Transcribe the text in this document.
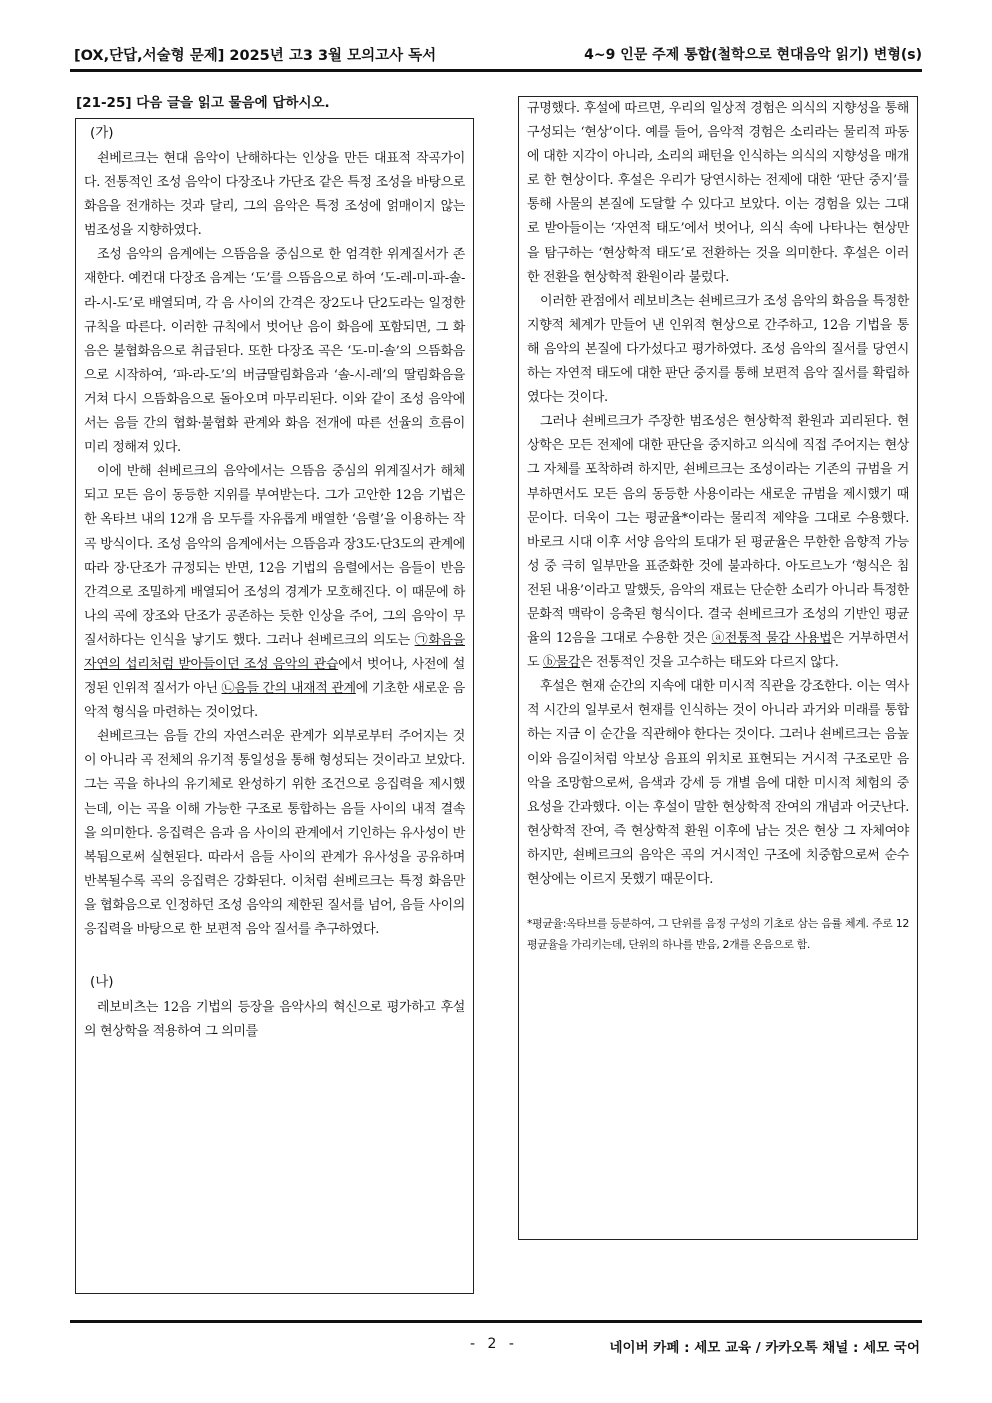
[OX,단답,서술형 문제] 2025년 고3 3월 모의고사 독서	4~9 인문 주제 통합(철학으로 현대음악 읽기) 변형(s)
[21-25] 다음 글을 읽고 물음에 답하시오.
(가)

쇤베르크는 현대 음악이 난해하다는 인상을 만든 대표적 작곡가이다. 전통적인 조성 음악이 다장조나 가단조 같은 특정 조성을 바탕으로 화음을 전개하는 것과 달리, 그의 음악은 특정 조성에 얽매이지 않는 범조성을 지향하였다.

조성 음악의 음계에는 으뜸음을 중심으로 한 엄격한 위계질서가 존재한다. 예컨대 다장조 음계는 ‘도’를 으뜸음으로 하여 ‘도-레-미-파-솔-라-시-도’로 배열되며, 각 음 사이의 간격은 장2도나 단2도라는 일정한 규칙을 따른다. 이러한 규칙에서 벗어난 음이 화음에 포함되면, 그 화음은 불협화음으로 취급된다. 또한 다장조 곡은 ‘도-미-솔’의 으뜸화음으로 시작하여, ‘파-라-도’의 버금딸림화음과 ‘솔-시-레’의 딸림화음을 거쳐 다시 으뜸화음으로 돌아오며 마무리된다. 이와 같이 조성 음악에서는 음들 간의 협화·불협화 관계와 화음 전개에 따른 선율의 흐름이 미리 정해져 있다.

이에 반해 쇤베르크의 음악에서는 으뜸음 중심의 위계질서가 해체되고 모든 음이 동등한 지위를 부여받는다. 그가 고안한 12음 기법은 한 옥타브 내의 12개 음 모두를 자유롭게 배열한 ‘음렬’을 이용하는 작곡 방식이다. 조성 음악의 음계에서는 으뜸음과 장3도·단3도의 관계에 따라 장·단조가 규정되는 반면, 12음 기법의 음렬에서는 음들이 반음 간격으로 조밀하게 배열되어 조성의 경계가 모호해진다. 이 때문에 하나의 곡에 장조와 단조가 공존하는 듯한 인상을 주어, 그의 음악이 무질서하다는 인식을 낳기도 했다. 그러나 쇤베르크의 의도는 ㉠화음을 자연의 섭리처럼 받아들이던 조성 음악의 관습에서 벗어나, 사전에 설정된 인위적 질서가 아닌 ㉡음들 간의 내재적 관계에 기초한 새로운 음악적 형식을 마련하는 것이었다.

쇤베르크는 음들 간의 자연스러운 관계가 외부로부터 주어지는 것이 아니라 곡 전체의 유기적 통일성을 통해 형성되는 것이라고 보았다. 그는 곡을 하나의 유기체로 완성하기 위한 조건으로 응집력을 제시했는데, 이는 곡을 이해 가능한 구조로 통합하는 음들 사이의 내적 결속을 의미한다. 응집력은 음과 음 사이의 관계에서 기인하는 유사성이 반복됨으로써 실현된다. 따라서 음들 사이의 관계가 유사성을 공유하며 반복될수록 곡의 응집력은 강화된다. 이처럼 쇤베르크는 특정 화음만을 협화음으로 인정하던 조성 음악의 제한된 질서를 넘어, 음들 사이의 응집력을 바탕으로 한 보편적 음악 질서를 추구하였다.

(나)

레보비츠는 12음 기법의 등장을 음악사의 혁신으로 평가하고 후설의 현상학을 적용하여 그 의미를

규명했다. 후설에 따르면, 우리의 일상적 경험은 의식의 지향성을 통해 구성되는 ‘현상’이다. 예를 들어, 음악적 경험은 소리라는 물리적 파동에 대한 지각이 아니라, 소리의 패턴을 인식하는 의식의 지향성을 매개로 한 현상이다. 후설은 우리가 당연시하는 전제에 대한 ‘판단 중지’를 통해 사물의 본질에 도달할 수 있다고 보았다. 이는 경험을 있는 그대로 받아들이는 ‘자연적 태도’에서 벗어나, 의식 속에 나타나는 현상만을 탐구하는 ‘현상학적 태도’로 전환하는 것을 의미한다. 후설은 이러한 전환을 현상학적 환원이라 불렀다.

이러한 관점에서 레보비츠는 쇤베르크가 조성 음악의 화음을 특정한 지향적 체계가 만들어 낸 인위적 현상으로 간주하고, 12음 기법을 통해 음악의 본질에 다가섰다고 평가하였다. 조성 음악의 질서를 당연시하는 자연적 태도에 대한 판단 중지를 통해 보편적 음악 질서를 확립하였다는 것이다.

그러나 쇤베르크가 주장한 범조성은 현상학적 환원과 괴리된다. 현상학은 모든 전제에 대한 판단을 중지하고 의식에 직접 주어지는 현상 그 자체를 포착하려 하지만, 쇤베르크는 조성이라는 기존의 규범을 거부하면서도 모든 음의 동등한 사용이라는 새로운 규범을 제시했기 때문이다. 더욱이 그는 평균율*이라는 물리적 제약을 그대로 수용했다. 바로크 시대 이후 서양 음악의 토대가 된 평균율은 무한한 음향적 가능성 중 극히 일부만을 표준화한 것에 불과하다. 아도르노가 ‘형식은 침전된 내용’이라고 말했듯, 음악의 재료는 단순한 소리가 아니라 특정한 문화적 맥락이 응축된 형식이다. 결국 쇤베르크가 조성의 기반인 평균율의 12음을 그대로 수용한 것은 ⓐ전통적 물감 사용법은 거부하면서도 ⓑ물감은 전통적인 것을 고수하는 태도와 다르지 않다.

후설은 현재 순간의 지속에 대한 미시적 직관을 강조한다. 이는 역사적 시간의 일부로서 현재를 인식하는 것이 아니라 과거와 미래를 통합하는 지금 이 순간을 직관해야 한다는 것이다. 그러나 쇤베르크는 음높이와 음길이처럼 악보상 음표의 위치로 표현되는 거시적 구조로만 음악을 조망함으로써, 음색과 강세 등 개별 음에 대한 미시적 체험의 중요성을 간과했다. 이는 후설이 말한 현상학적 잔여의 개념과 어긋난다. 현상학적 잔여, 즉 현상학적 환원 이후에 남는 것은 현상 그 자체여야 하지만, 쇤베르크의 음악은 곡의 거시적인 구조에 치중함으로써 순수 현상에는 이르지 못했기 때문이다.

*평균율:옥타브를 등분하여, 그 단위를 음정 구성의 기초로 삼는 음률 체계. 주로 12평균율을 가리키는데, 단위의 하나를 반음, 2개를 온음으로 함.

- 2 -	네이버 카페 : 세모 교육 / 카카오톡 채널 : 세모 국어
